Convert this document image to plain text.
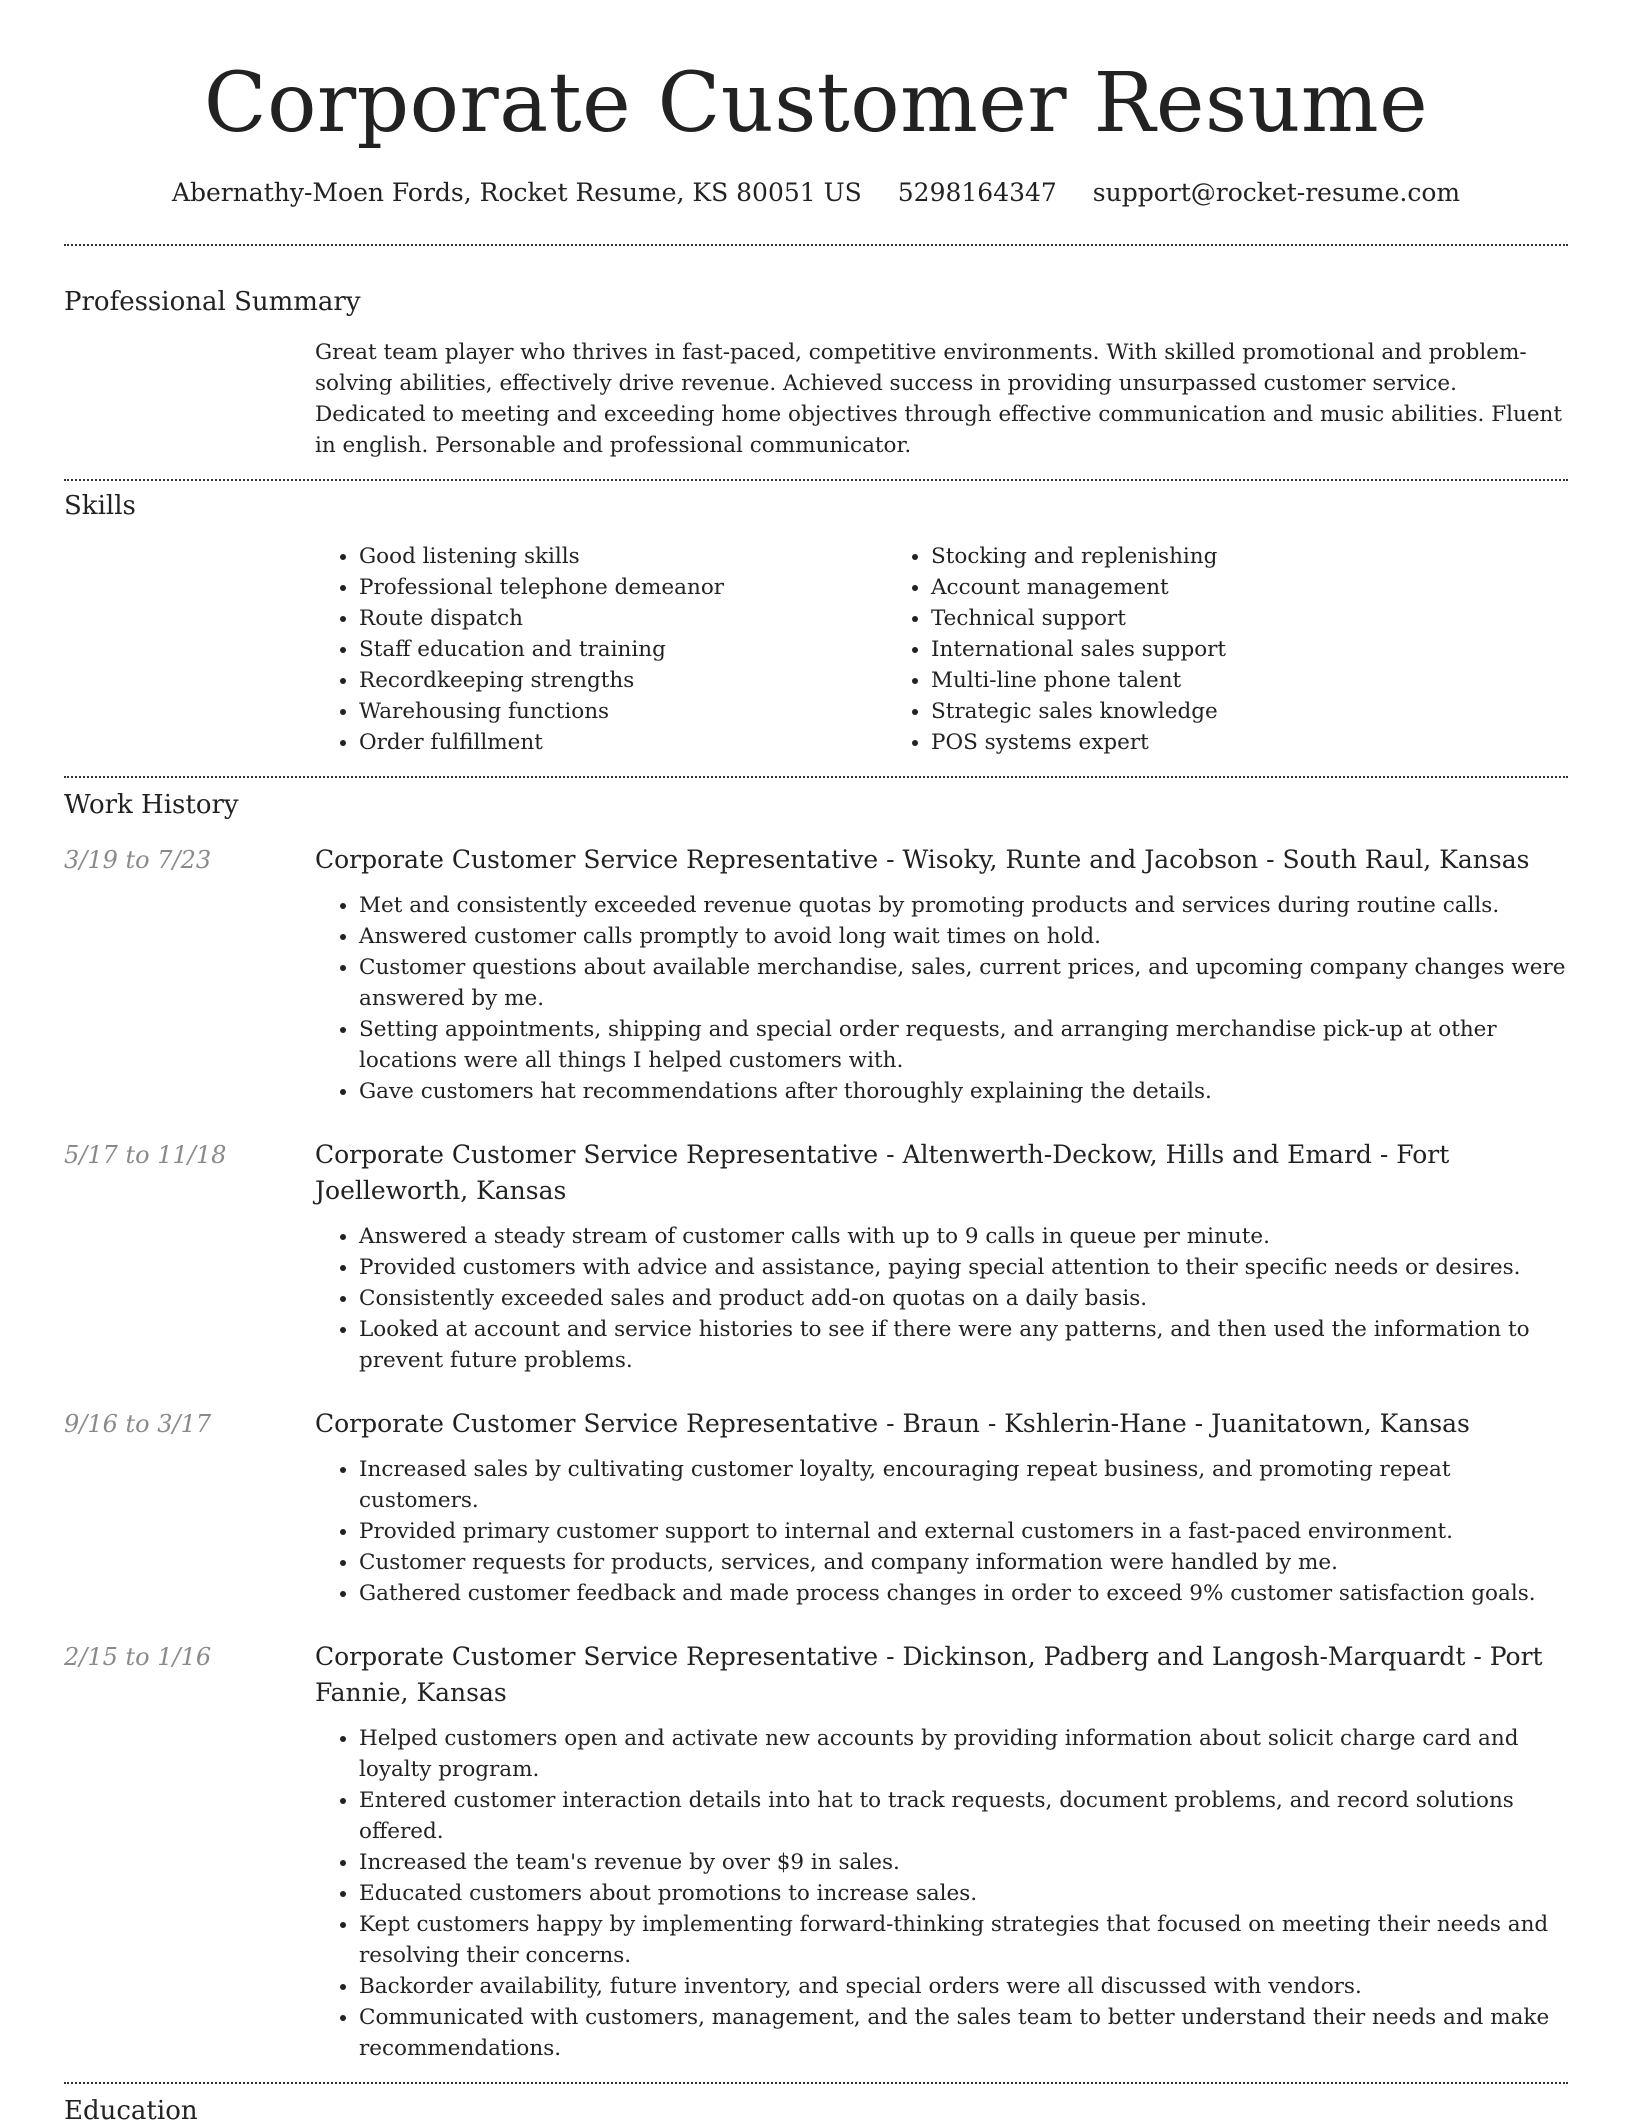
Corporate Customer Resume
Abernathy-Moen Fords, Rocket Resume, KS 80051 US 5298164347 support@rocket-resume.com
Professional Summary

Great team player who thrives in fast-paced, competitive environments. With skilled promotional and problem-solving abilities, effectively drive revenue. Achieved success in providing unsurpassed customer service. Dedicated to meeting and exceeding home objectives through effective communication and music abilities. Fluent in english. Personable and professional communicator.

Skills
• Good listening skills
• Professional telephone demeanor
• Route dispatch
• Staff education and training
• Recordkeeping strengths
• Warehousing functions
• Order fulfillment
• Stocking and replenishing
• Account management
• Technical support
• International sales support
• Multi-line phone talent
• Strategic sales knowledge
• POS systems expert
Work History
3/19 to 7/23	Corporate Customer Service Representative - Wisoky, Runte and Jacobson - South Raul, Kansas
• Met and consistently exceeded revenue quotas by promoting products and services during routine calls.
• Answered customer calls promptly to avoid long wait times on hold.
• Customer questions about available merchandise, sales, current prices, and upcoming company changes were answered by me.
• Setting appointments, shipping and special order requests, and arranging merchandise pick-up at other locations were all things I helped customers with.
• Gave customers hat recommendations after thoroughly explaining the details.
5/17 to 11/18	Corporate Customer Service Representative - Altenwerth-Deckow, Hills and Emard - Fort Joelleworth, Kansas
• Answered a steady stream of customer calls with up to 9 calls in queue per minute.
• Provided customers with advice and assistance, paying special attention to their specific needs or desires.
• Consistently exceeded sales and product add-on quotas on a daily basis.
• Looked at account and service histories to see if there were any patterns, and then used the information to prevent future problems.
9/16 to 3/17	Corporate Customer Service Representative - Braun - Kshlerin-Hane - Juanitatown, Kansas
• Increased sales by cultivating customer loyalty, encouraging repeat business, and promoting repeat customers.
• Provided primary customer support to internal and external customers in a fast-paced environment.
• Customer requests for products, services, and company information were handled by me.
• Gathered customer feedback and made process changes in order to exceed 9% customer satisfaction goals.
2/15 to 1/16	Corporate Customer Service Representative - Dickinson, Padberg and Langosh-Marquardt - Port Fannie, Kansas
• Helped customers open and activate new accounts by providing information about solicit charge card and loyalty program.
• Entered customer interaction details into hat to track requests, document problems, and record solutions offered.
• Increased the team's revenue by over $9 in sales.
• Educated customers about promotions to increase sales.
• Kept customers happy by implementing forward-thinking strategies that focused on meeting their needs and resolving their concerns.
• Backorder availability, future inventory, and special orders were all discussed with vendors.
• Communicated with customers, management, and the sales team to better understand their needs and make recommendations.
Education
